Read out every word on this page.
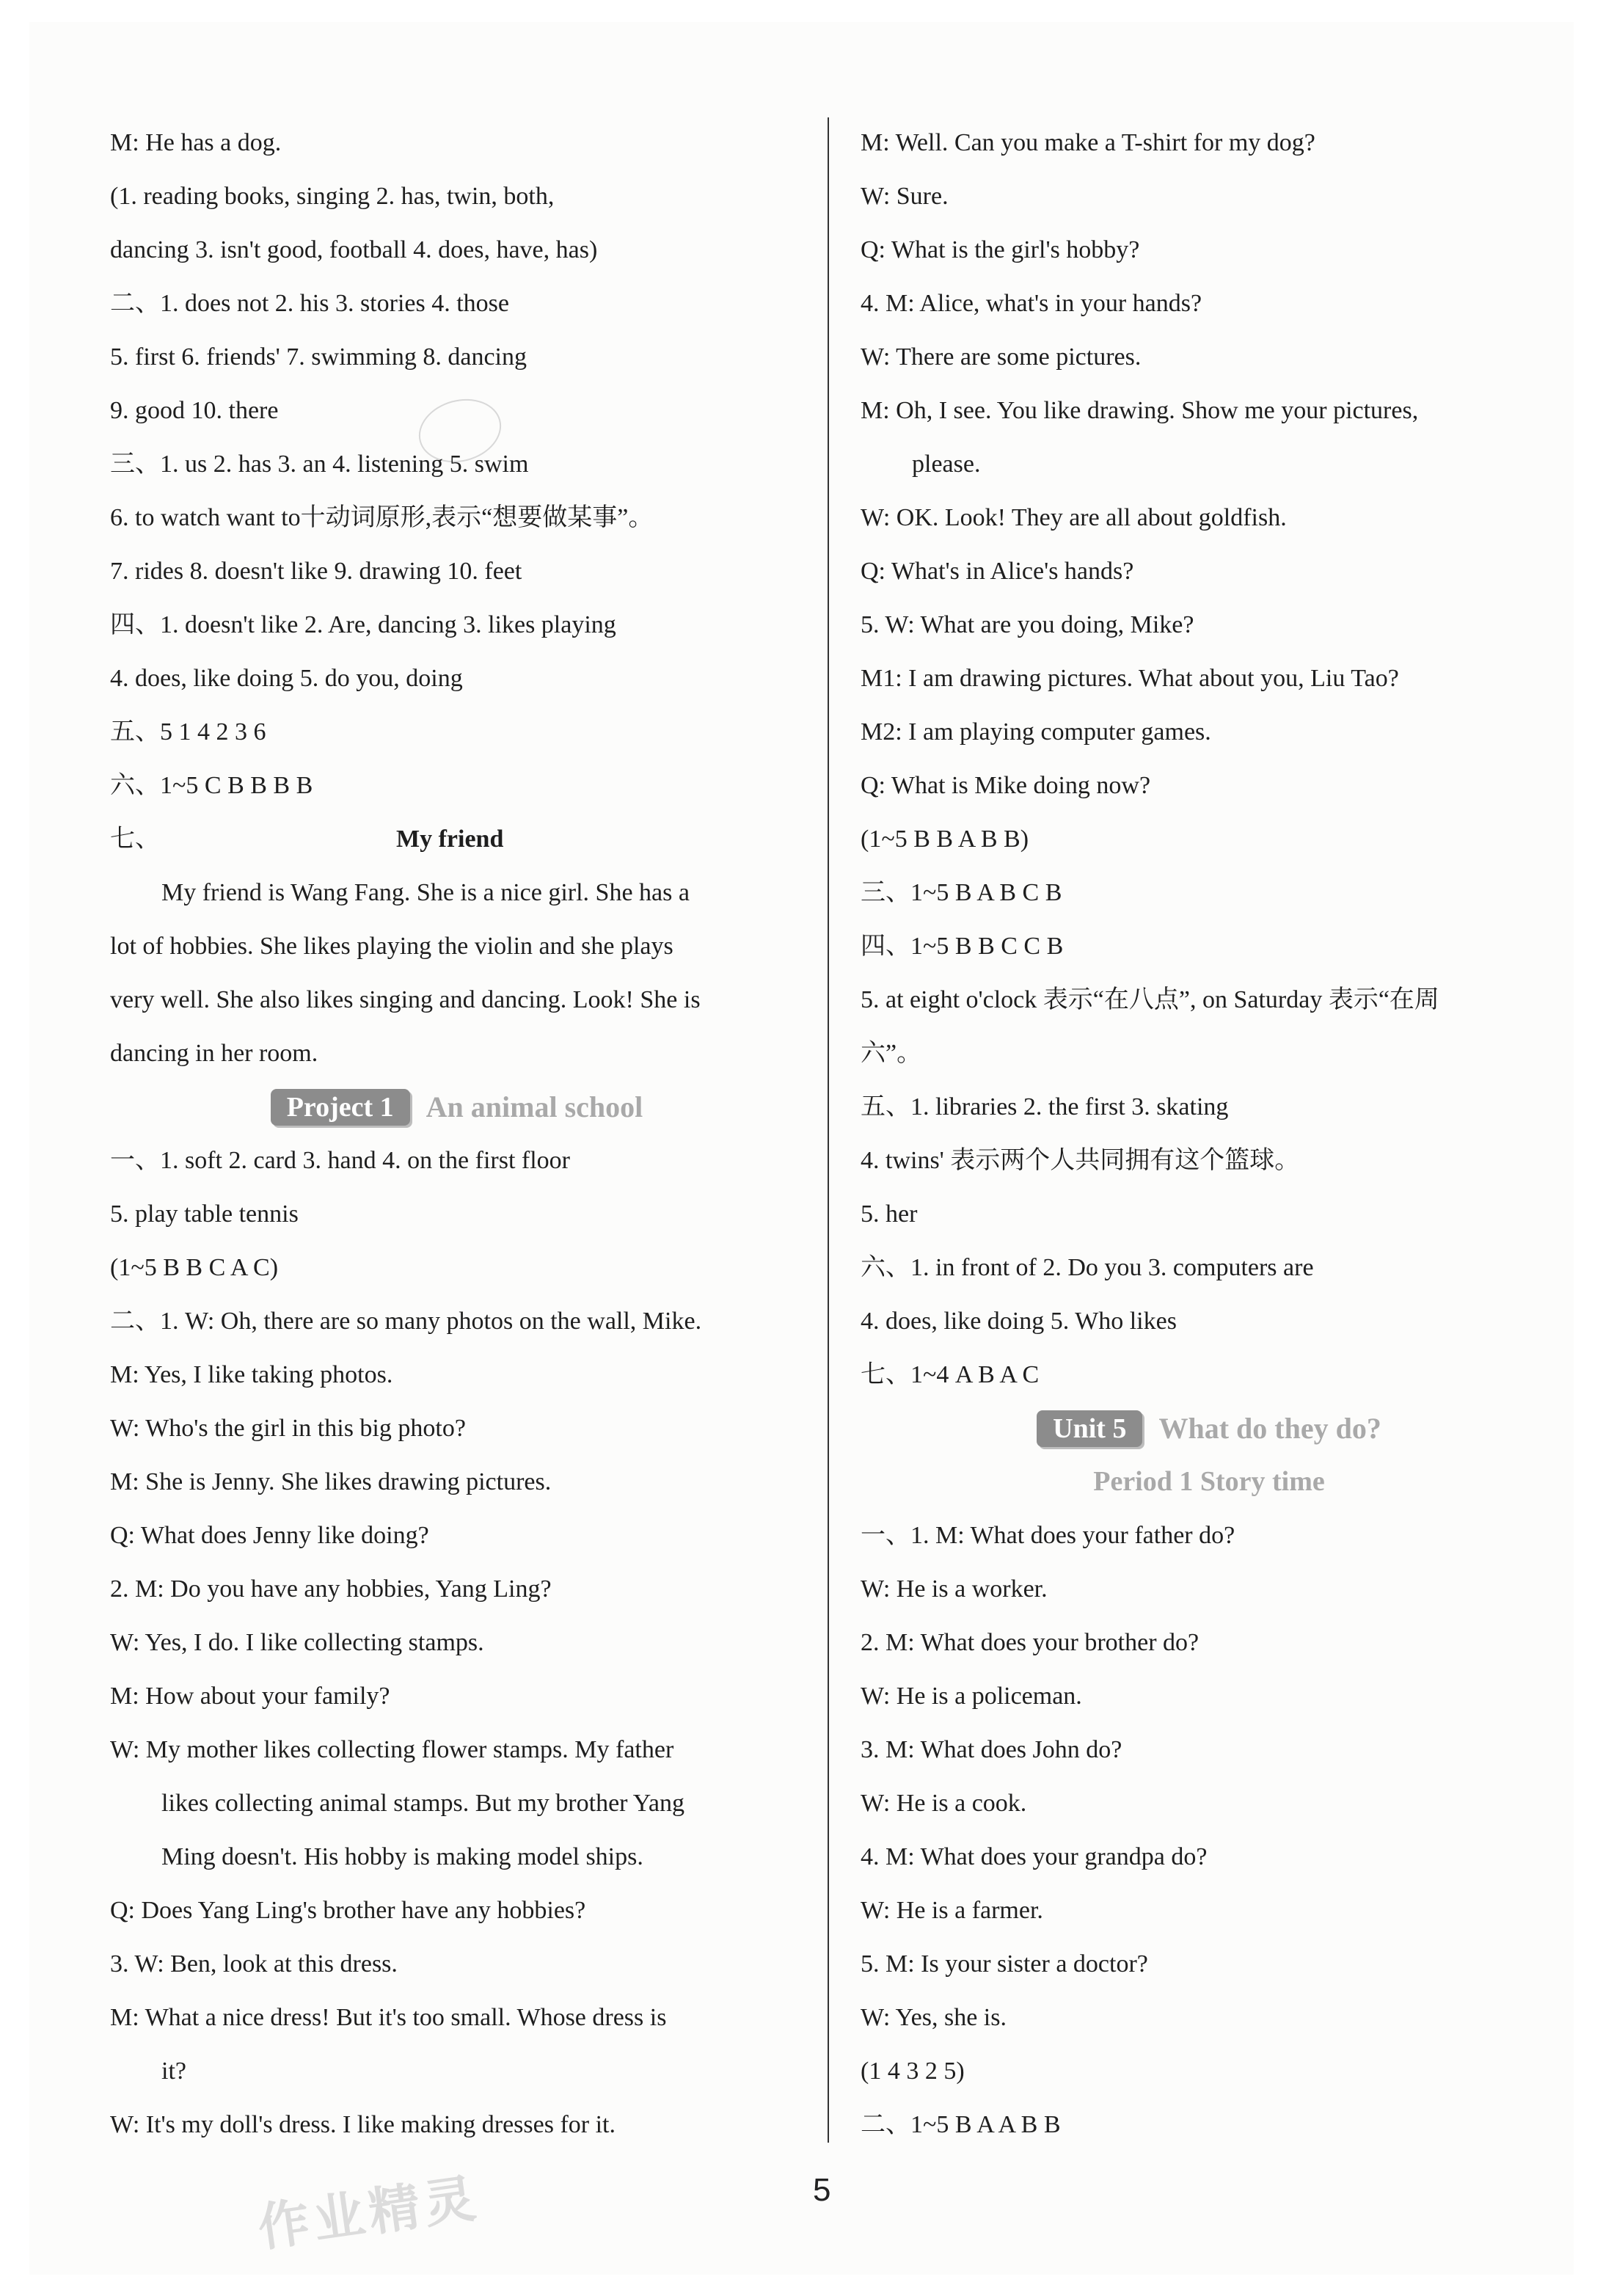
M: He has a dog.
(1. reading books, singing 2. has, twin, both,
dancing 3. isn't good, football 4. does, have, has)
二、1. does not 2. his 3. stories 4. those
5. first 6. friends' 7. swimming 8. dancing
9. good 10. there
三、1. us 2. has 3. an 4. listening 5. swim
6. to watch want to十动词原形,表示“想要做某事”。
7. rides 8. doesn't like 9. drawing 10. feet
四、1. doesn't like 2. Are, dancing 3. likes playing
4. does, like doing 5. do you, doing
五、5 1 4 2 3 6
六、1~5 C B B B B
七、	My friend
My friend is Wang Fang. She is a nice girl. She has a
lot of hobbies. She likes playing the violin and she plays
very well. She also likes singing and dancing. Look! She is
dancing in her room.
Project 1	An animal school
一、1. soft 2. card 3. hand 4. on the first floor
5. play table tennis
(1~5 B B C A C)
二、1. W: Oh, there are so many photos on the wall, Mike.
M: Yes, I like taking photos.
W: Who's the girl in this big photo?
M: She is Jenny. She likes drawing pictures.
Q: What does Jenny like doing?
2. M: Do you have any hobbies, Yang Ling?
W: Yes, I do. I like collecting stamps.
M: How about your family?
W: My mother likes collecting flower stamps. My father
likes collecting animal stamps. But my brother Yang
Ming doesn't. His hobby is making model ships.
Q: Does Yang Ling's brother have any hobbies?
3. W: Ben, look at this dress.
M: What a nice dress! But it's too small. Whose dress is
it?
W: It's my doll's dress. I like making dresses for it.
M: Well. Can you make a T-shirt for my dog?
W: Sure.
Q: What is the girl's hobby?
4. M: Alice, what's in your hands?
W: There are some pictures.
M: Oh, I see. You like drawing. Show me your pictures,
please.
W: OK. Look! They are all about goldfish.
Q: What's in Alice's hands?
5. W: What are you doing, Mike?
M1: I am drawing pictures. What about you, Liu Tao?
M2: I am playing computer games.
Q: What is Mike doing now?
(1~5 B B A B B)
三、1~5 B A B C B
四、1~5 B B C C B
5. at eight o'clock 表示“在八点”, on Saturday 表示“在周
六”。
五、1. libraries 2. the first 3. skating
4. twins' 表示两个人共同拥有这个篮球。
5. her
六、1. in front of 2. Do you 3. computers are
4. does, like doing 5. Who likes
七、1~4 A B A C
Unit 5	What do they do?
Period 1 Story time
一、1. M: What does your father do?
W: He is a worker.
2. M: What does your brother do?
W: He is a policeman.
3. M: What does John do?
W: He is a cook.
4. M: What does your grandpa do?
W: He is a farmer.
5. M: Is your sister a doctor?
W: Yes, she is.
(1 4 3 2 5)
二、1~5 B A A B B
5
作业精灵
